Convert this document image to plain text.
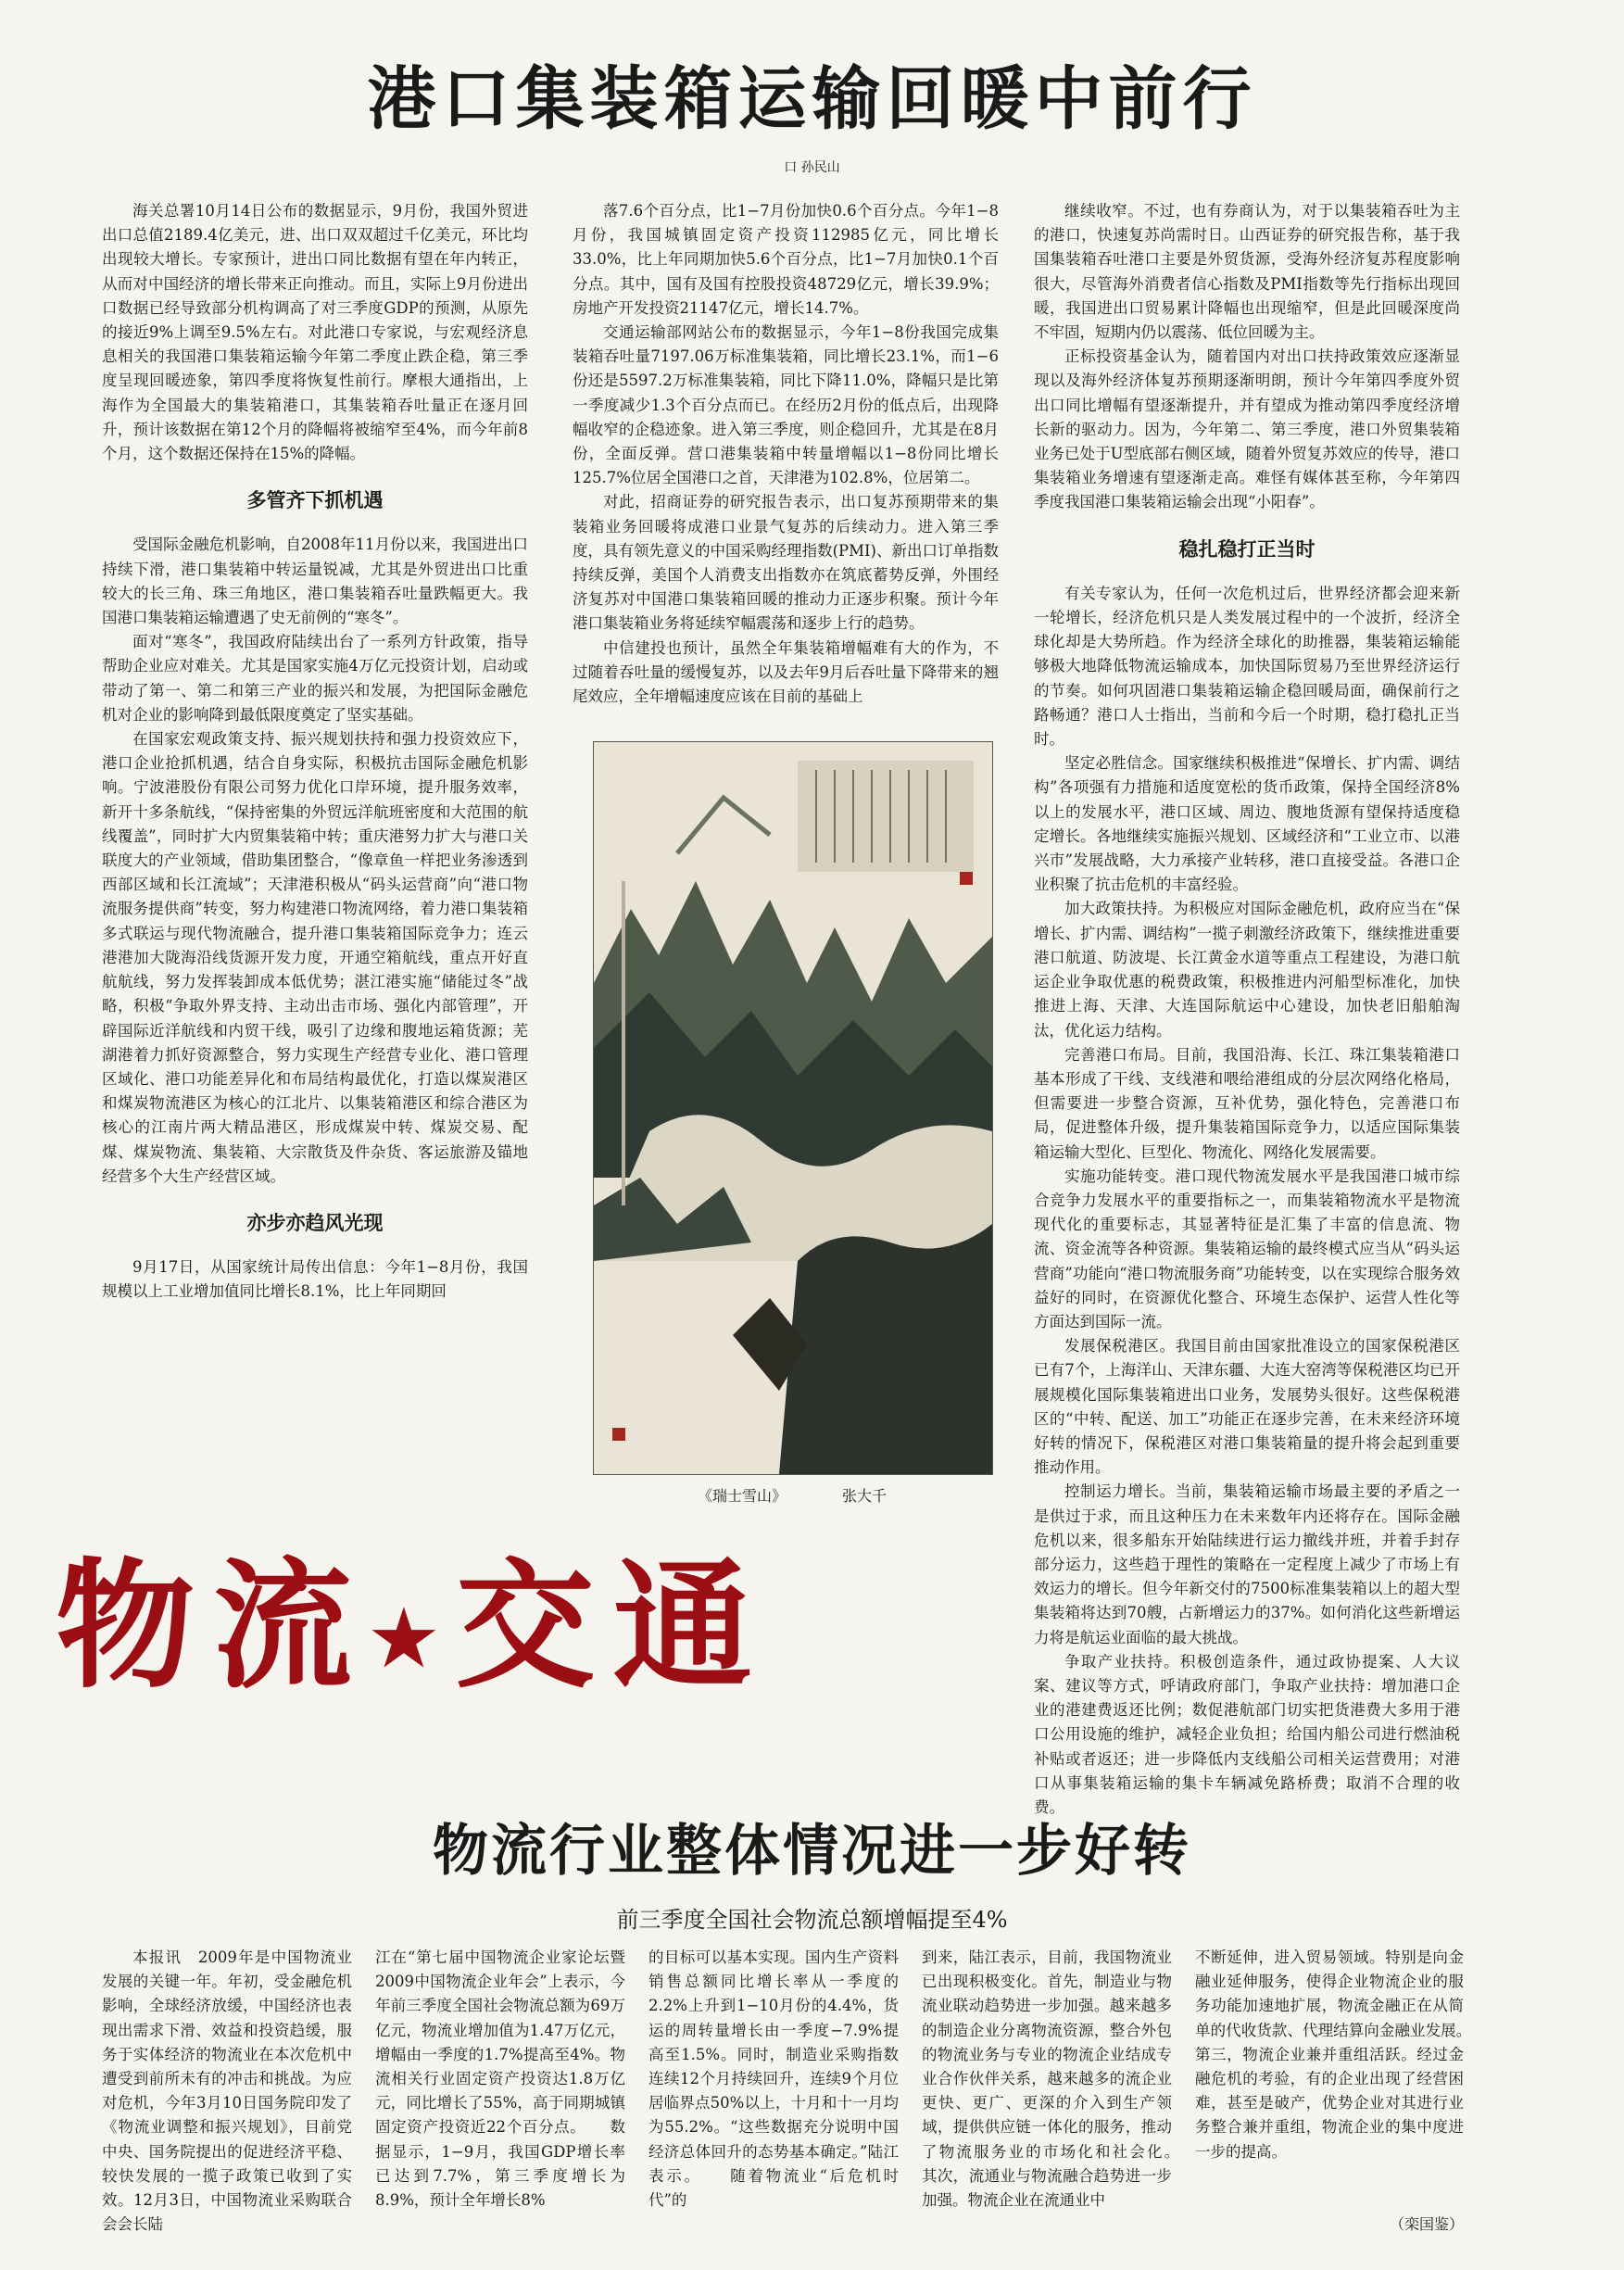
港口集装箱运输回暖中前行
口 孙民山

海关总署10月14日公布的数据显示，9月份，我国外贸进出口总值2189.4亿美元，进、出口双双超过千亿美元，环比均出现较大增长。专家预计，进出口同比数据有望在年内转正，从而对中国经济的增长带来正向推动。而且，实际上9月份进出口数据已经导致部分机构调高了对三季度GDP的预测，从原先的接近9%上调至9.5%左右。对此港口专家说，与宏观经济息息相关的我国港口集装箱运输今年第二季度止跌企稳，第三季度呈现回暖迹象，第四季度将恢复性前行。摩根大通指出，上海作为全国最大的集装箱港口，其集装箱吞吐量正在逐月回升，预计该数据在第12个月的降幅将被缩窄至4%，而今年前8个月，这个数据还保持在15%的降幅。

多管齐下抓机遇

受国际金融危机影响，自2008年11月份以来，我国进出口持续下滑，港口集装箱中转运量锐减，尤其是外贸进出口比重较大的长三角、珠三角地区，港口集装箱吞吐量跌幅更大。我国港口集装箱运输遭遇了史无前例的“寒冬”。

面对“寒冬”，我国政府陆续出台了一系列方针政策，指导帮助企业应对难关。尤其是国家实施4万亿元投资计划，启动或带动了第一、第二和第三产业的振兴和发展，为把国际金融危机对企业的影响降到最低限度奠定了坚实基础。

在国家宏观政策支持、振兴规划扶持和强力投资效应下，港口企业抢抓机遇，结合自身实际，积极抗击国际金融危机影响。宁波港股份有限公司努力优化口岸环境，提升服务效率，新开十多条航线，“保持密集的外贸远洋航班密度和大范围的航线覆盖”，同时扩大内贸集装箱中转；重庆港努力扩大与港口关联度大的产业领域，借助集团整合，“像章鱼一样把业务渗透到西部区域和长江流域”；天津港积极从“码头运营商”向“港口物流服务提供商”转变，努力构建港口物流网络，着力港口集装箱多式联运与现代物流融合，提升港口集装箱国际竞争力；连云港港加大陇海沿线货源开发力度，开通空箱航线，重点开好直航航线，努力发挥装卸成本低优势；湛江港实施“储能过冬”战略，积极“争取外界支持、主动出击市场、强化内部管理”，开辟国际近洋航线和内贸干线，吸引了边缘和腹地运箱货源；芜湖港着力抓好资源整合，努力实现生产经营专业化、港口管理区域化、港口功能差异化和布局结构最优化，打造以煤炭港区和煤炭物流港区为核心的江北片、以集装箱港区和综合港区为核心的江南片两大精品港区，形成煤炭中转、煤炭交易、配煤、煤炭物流、集装箱、大宗散货及件杂货、客运旅游及锚地经营多个大生产经营区域。

亦步亦趋风光现

9月17日，从国家统计局传出信息：今年1−8月份，我国规模以上工业增加值同比增长8.1%，比上年同期回

落7.6个百分点，比1−7月份加快0.6个百分点。今年1−8月份，我国城镇固定资产投资112985亿元，同比增长33.0%，比上年同期加快5.6个百分点，比1−7月加快0.1个百分点。其中，国有及国有控股投资48729亿元，增长39.9%；房地产开发投资21147亿元，增长14.7%。

交通运输部网站公布的数据显示，今年1−8份我国完成集装箱吞吐量7197.06万标准集装箱，同比增长23.1%，而1−6份还是5597.2万标准集装箱，同比下降11.0%，降幅只是比第一季度减少1.3个百分点而已。在经历2月份的低点后，出现降幅收窄的企稳迹象。进入第三季度，则企稳回升，尤其是在8月份，全面反弹。营口港集装箱中转量增幅以1−8份同比增长125.7%位居全国港口之首，天津港为102.8%，位居第二。

对此，招商证券的研究报告表示，出口复苏预期带来的集装箱业务回暖将成港口业景气复苏的后续动力。进入第三季度，具有领先意义的中国采购经理指数(PMI)、新出口订单指数持续反弹，美国个人消费支出指数亦在筑底蓄势反弹，外围经济复苏对中国港口集装箱回暖的推动力正逐步积聚。预计今年港口集装箱业务将延续窄幅震荡和逐步上行的趋势。

中信建投也预计，虽然全年集装箱增幅难有大的作为，不过随着吞吐量的缓慢复苏，以及去年9月后吞吐量下降带来的翘尾效应，全年增幅速度应该在目前的基础上

《瑞士雪山》	张大千

继续收窄。不过，也有券商认为，对于以集装箱吞吐为主的港口，快速复苏尚需时日。山西证券的研究报告称，基于我国集装箱吞吐港口主要是外贸货源，受海外经济复苏程度影响很大，尽管海外消费者信心指数及PMI指数等先行指标出现回暖，我国进出口贸易累计降幅也出现缩窄，但是此回暖深度尚不牢固，短期内仍以震荡、低位回暖为主。

正标投资基金认为，随着国内对出口扶持政策效应逐渐显现以及海外经济体复苏预期逐渐明朗，预计今年第四季度外贸出口同比增幅有望逐渐提升，并有望成为推动第四季度经济增长新的驱动力。因为，今年第二、第三季度，港口外贸集装箱业务已处于U型底部右侧区域，随着外贸复苏效应的传导，港口集装箱业务增速有望逐渐走高。难怪有媒体甚至称，今年第四季度我国港口集装箱运输会出现“小阳春”。

稳扎稳打正当时

有关专家认为，任何一次危机过后，世界经济都会迎来新一轮增长，经济危机只是人类发展过程中的一个波折，经济全球化却是大势所趋。作为经济全球化的助推器，集装箱运输能够极大地降低物流运输成本，加快国际贸易乃至世界经济运行的节奏。如何巩固港口集装箱运输企稳回暖局面，确保前行之路畅通？港口人士指出，当前和今后一个时期，稳打稳扎正当时。

坚定必胜信念。国家继续积极推进“保增长、扩内需、调结构”各项强有力措施和适度宽松的货币政策，保持全国经济8%以上的发展水平，港口区域、周边、腹地货源有望保持适度稳定增长。各地继续实施振兴规划、区域经济和“工业立市、以港兴市”发展战略，大力承接产业转移，港口直接受益。各港口企业积聚了抗击危机的丰富经验。

加大政策扶持。为积极应对国际金融危机，政府应当在“保增长、扩内需、调结构”一揽子刺激经济政策下，继续推进重要港口航道、防波堤、长江黄金水道等重点工程建设，为港口航运企业争取优惠的税费政策，积极推进内河船型标准化，加快推进上海、天津、大连国际航运中心建设，加快老旧船舶淘汰，优化运力结构。

完善港口布局。目前，我国沿海、长江、珠江集装箱港口基本形成了干线、支线港和喂给港组成的分层次网络化格局，但需要进一步整合资源，互补优势，强化特色，完善港口布局，促进整体升级，提升集装箱国际竞争力，以适应国际集装箱运输大型化、巨型化、物流化、网络化发展需要。

实施功能转变。港口现代物流发展水平是我国港口城市综合竞争力发展水平的重要指标之一，而集装箱物流水平是物流现代化的重要标志，其显著特征是汇集了丰富的信息流、物流、资金流等各种资源。集装箱运输的最终模式应当从“码头运营商”功能向“港口物流服务商”功能转变，以在实现综合服务效益好的同时，在资源优化整合、环境生态保护、运营人性化等方面达到国际一流。

发展保税港区。我国目前由国家批准设立的国家保税港区已有7个，上海洋山、天津东疆、大连大窑湾等保税港区均已开展规模化国际集装箱进出口业务，发展势头很好。这些保税港区的“中转、配送、加工”功能正在逐步完善，在未来经济环境好转的情况下，保税港区对港口集装箱量的提升将会起到重要推动作用。

控制运力增长。当前，集装箱运输市场最主要的矛盾之一是供过于求，而且这种压力在未来数年内还将存在。国际金融危机以来，很多船东开始陆续进行运力撤线并班，并着手封存部分运力，这些趋于理性的策略在一定程度上减少了市场上有效运力的增长。但今年新交付的7500标准集装箱以上的超大型集装箱将达到70艘，占新增运力的37%。如何消化这些新增运力将是航运业面临的最大挑战。

争取产业扶持。积极创造条件，通过政协提案、人大议案、建议等方式，呼请政府部门，争取产业扶持：增加港口企业的港建费返还比例；数促港航部门切实把货港费大多用于港口公用设施的维护，减轻企业负担；给国内船公司进行燃油税补贴或者返还；进一步降低内支线船公司相关运营费用；对港口从事集装箱运输的集卡车辆减免路桥费；取消不合理的收费。

物流★交通
物流行业整体情况进一步好转
前三季度全国社会物流总额增幅提至4%

本报讯　2009年是中国物流业发展的关键一年。年初，受金融危机影响，全球经济放缓，中国经济也表现出需求下滑、效益和投资趋缓，服务于实体经济的物流业在本次危机中遭受到前所未有的冲击和挑战。为应对危机，今年3月10日国务院印发了《物流业调整和振兴规划》，目前党中央、国务院提出的促进经济平稳、较快发展的一揽子政策已收到了实效。12月3日，中国物流业采购联合会会长陆

江在“第七届中国物流企业家论坛暨2009中国物流企业年会”上表示，今年前三季度全国社会物流总额为69万亿元，物流业增加值为1.47万亿元，增幅由一季度的1.7%提高至4%。物流相关行业固定资产投资达1.8万亿元，同比增长了55%，高于同期城镇固定资产投资近22个百分点。　　数据显示，1−9月，我国GDP增长率已达到7.7%，第三季度增长为8.9%，预计全年增长8%

的目标可以基本实现。国内生产资料销售总额同比增长率从一季度的2.2%上升到1−10月份的4.4%，货运的周转量增长由一季度−7.9%提高至1.5%。同时，制造业采购指数连续12个月持续回升，连续9个月位居临界点50%以上，十月和十一月均为55.2%。“这些数据充分说明中国经济总体回升的态势基本确定。”陆江表示。　　随着物流业“后危机时代”的

到来，陆江表示，目前，我国物流业已出现积极变化。首先，制造业与物流业联动趋势进一步加强。越来越多的制造企业分离物流资源，整合外包的物流业务与专业的物流企业结成专业合作伙伴关系，越来越多的流企业更快、更广、更深的介入到生产领域，提供供应链一体化的服务，推动了物流服务业的市场化和社会化。　　其次，流通业与物流融合趋势进一步加强。物流企业在流通业中

不断延伸，进入贸易领域。特别是向金融业延伸服务，使得企业物流企业的服务功能加速地扩展，物流金融正在从简单的代收货款、代理结算向金融业发展。　　第三，物流企业兼并重组活跃。经过金融危机的考验，有的企业出现了经营困难，甚至是破产，优势企业对其进行业务整合兼并重组，物流企业的集中度进一步的提高。

（栾国鉴）
